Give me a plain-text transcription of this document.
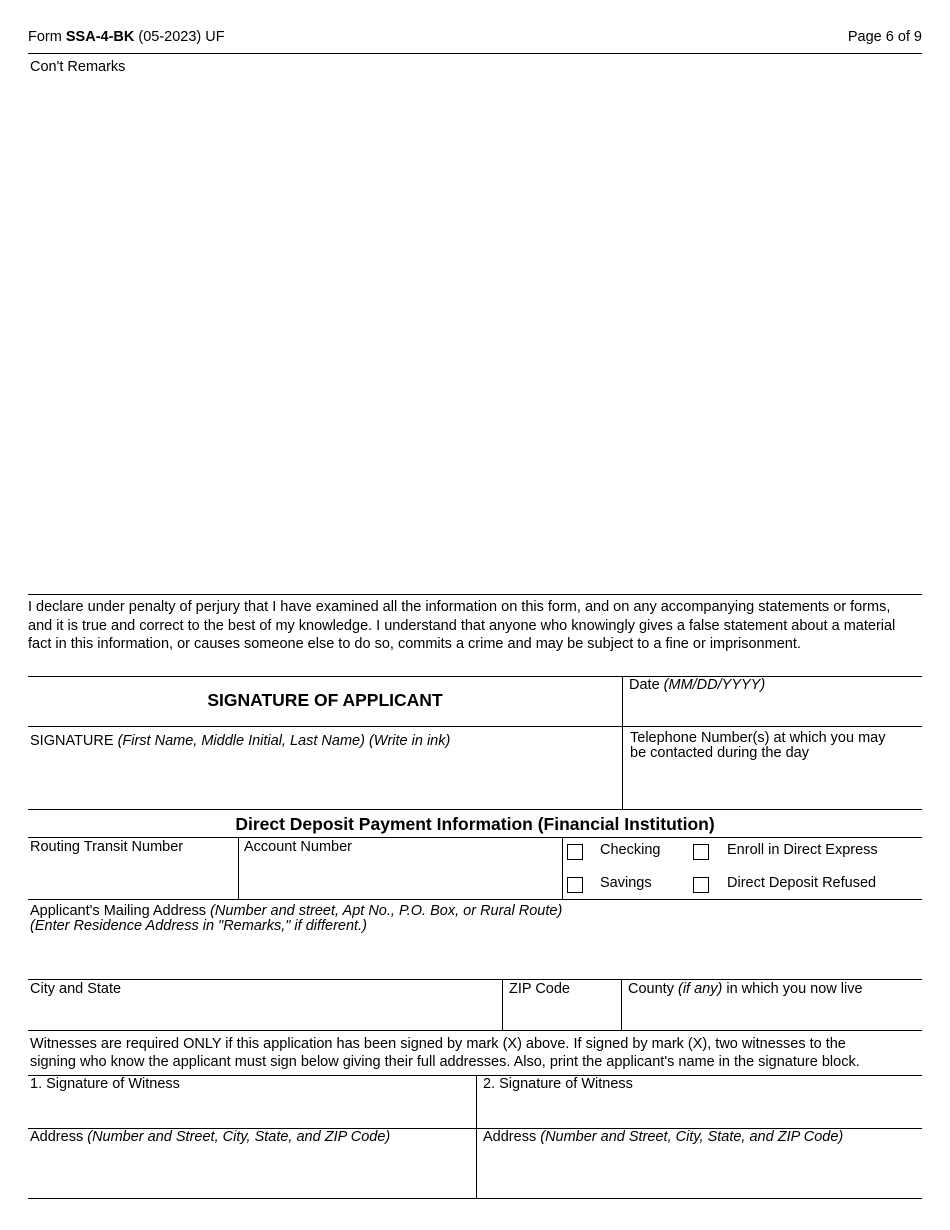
Form SSA-4-BK (05-2023) UF	Page 6 of 9
Con't Remarks
I declare under penalty of perjury that I have examined all the information on this form, and on any accompanying statements or forms, and it is true and correct to the best of my knowledge. I understand that anyone who knowingly gives a false statement about a material fact in this information, or causes someone else to do so, commits a crime and may be subject to a fine or imprisonment.
SIGNATURE OF APPLICANT
Date (MM/DD/YYYY)
SIGNATURE (First Name, Middle Initial, Last Name) (Write in ink)	Telephone Number(s) at which you may
be contacted during the day
Direct Deposit Payment Information (Financial Institution)
Routing Transit Number	Account Number	Checking	Enroll in Direct Express
Savings	Direct Deposit Refused
Applicant's Mailing Address (Number and street, Apt No., P.O. Box, or Rural Route)
(Enter Residence Address in "Remarks," if different.)
City and State	ZIP Code	County (if any) in which you now live
Witnesses are required ONLY if this application has been signed by mark (X) above. If signed by mark (X), two witnesses to the
signing who know the applicant must sign below giving their full addresses. Also, print the applicant's name in the signature block.
1. Signature of Witness	2. Signature of Witness
Address (Number and Street, City, State, and ZIP Code)	Address (Number and Street, City, State, and ZIP Code)
